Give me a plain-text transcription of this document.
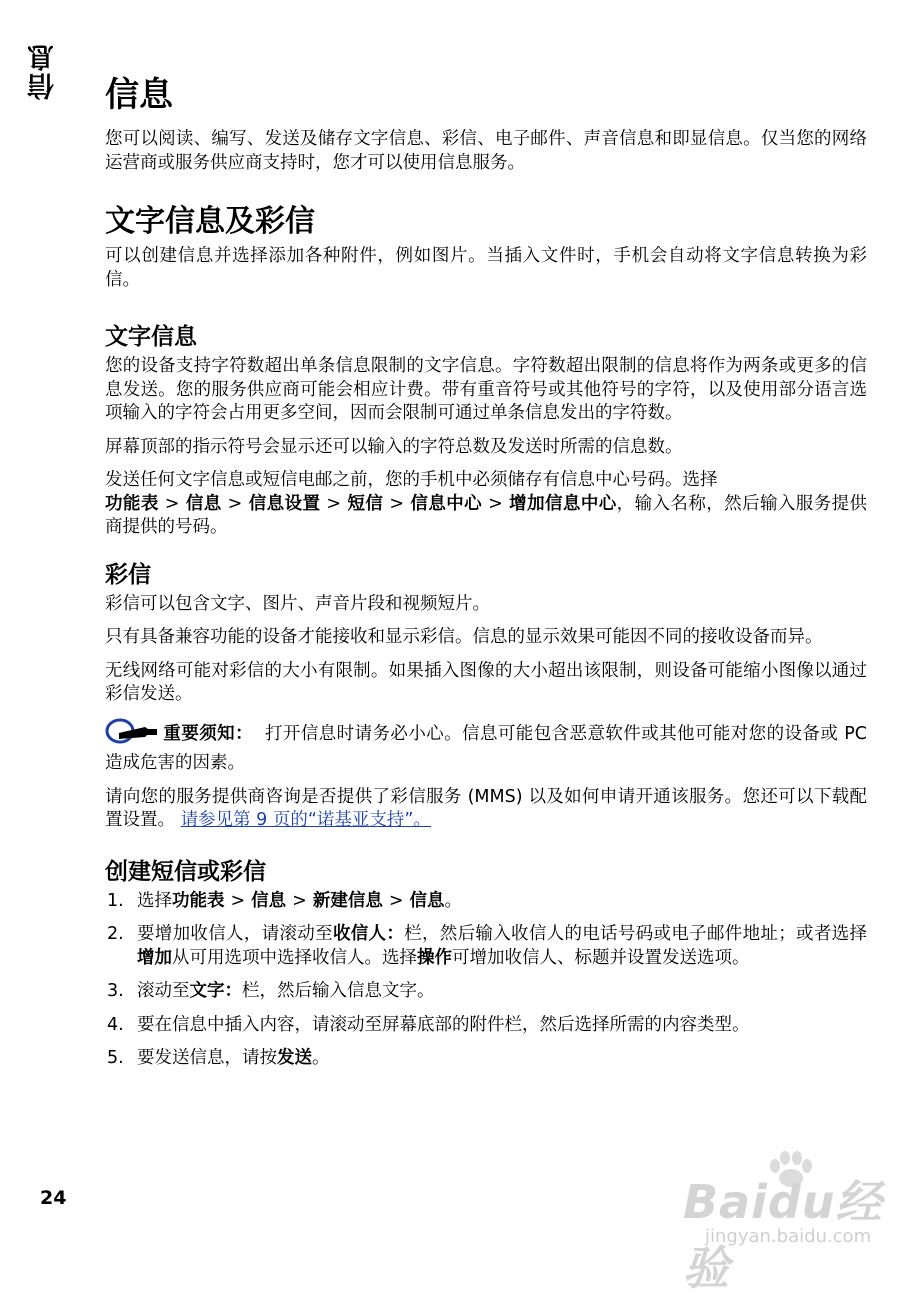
信息 信息

您可以阅读、编写、发送及储存文字信息、彩信、电子邮件、声音信息和即显信息。仅当您的网络运营商或服务供应商支持时，您才可以使用信息服务。

文字信息及彩信

可以创建信息并选择添加各种附件，例如图片。当插入文件时，手机会自动将文字信息转换为彩信。

文字信息

您的设备支持字符数超出单条信息限制的文字信息。字符数超出限制的信息将作为两条或更多的信息发送。您的服务供应商可能会相应计费。带有重音符号或其他符号的字符，以及使用部分语言选项输入的字符会占用更多空间，因而会限制可通过单条信息发出的字符数。

屏幕顶部的指示符号会显示还可以输入的字符总数及发送时所需的信息数。

发送任何文字信息或短信电邮之前，您的手机中必须储存有信息中心号码。选择
功能表 > 信息 > 信息设置 > 短信 > 信息中心 > 增加信息中心，输入名称，然后输入服务提供商提供的号码。

彩信

彩信可以包含文字、图片、声音片段和视频短片。

只有具备兼容功能的设备才能接收和显示彩信。信息的显示效果可能因不同的接收设备而异。

无线网络可能对彩信的大小有限制。如果插入图像的大小超出该限制，则设备可能缩小图像以通过彩信发送。

重要须知： 打开信息时请务必小心。信息可能包含恶意软件或其他可能对您的设备或 PC 造成危害的因素。

请向您的服务提供商咨询是否提供了彩信服务 (MMS) 以及如何申请开通该服务。您还可以下载配置设置。 请参见第 9 页的“诺基亚支持”。

创建短信或彩信
1. 选择功能表 > 信息 > 新建信息 > 信息。
2. 要增加收信人，请滚动至收信人：栏，然后输入收信人的电话号码或电子邮件地址；或者选择增加从可用选项中选择收信人。选择操作可增加收信人、标题并设置发送选项。
3. 滚动至文字：栏，然后输入信息文字。
4. 要在信息中插入内容，请滚动至屏幕底部的附件栏，然后选择所需的内容类型。
5. 要发送信息，请按发送。
24	Baidu经验
jingyan.baidu.com
